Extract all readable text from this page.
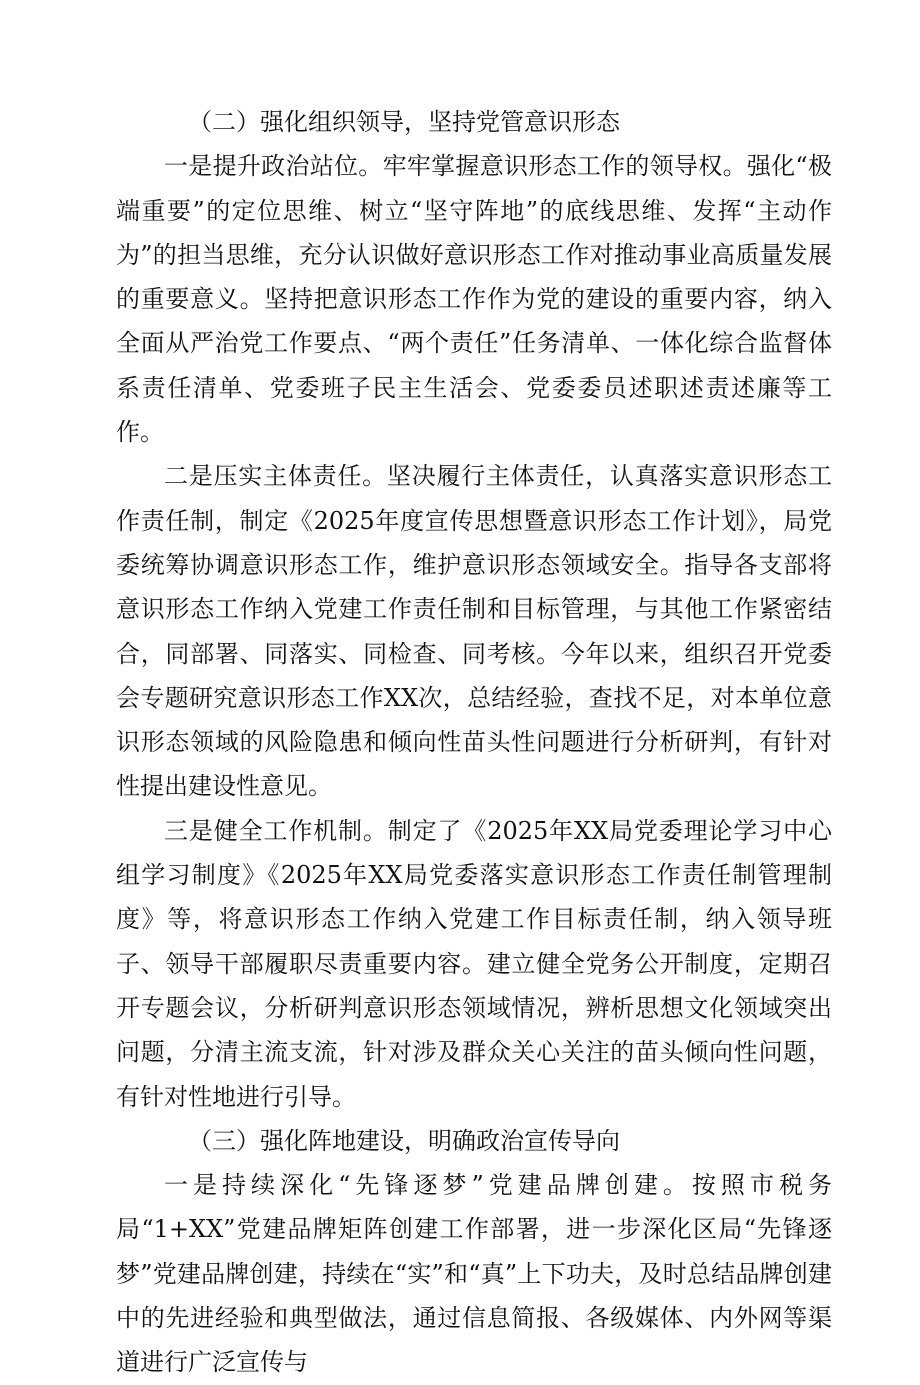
（二）强化组织领导，坚持党管意识形态

一是提升政治站位。牢牢掌握意识形态工作的领导权。强化“极端重要”的定位思维、树立“坚守阵地”的底线思维、发挥“主动作为”的担当思维，充分认识做好意识形态工作对推动事业高质量发展的重要意义。坚持把意识形态工作作为党的建设的重要内容，纳入全面从严治党工作要点、“两个责任”任务清单、一体化综合监督体系责任清单、党委班子民主生活会、党委委员述职述责述廉等工作。

二是压实主体责任。坚决履行主体责任，认真落实意识形态工作责任制，制定《2025年度宣传思想暨意识形态工作计划》，局党委统筹协调意识形态工作，维护意识形态领域安全。指导各支部将意识形态工作纳入党建工作责任制和目标管理，与其他工作紧密结合，同部署、同落实、同检查、同考核。今年以来，组织召开党委会专题研究意识形态工作XX次，总结经验，查找不足，对本单位意识形态领域的风险隐患和倾向性苗头性问题进行分析研判，有针对性提出建设性意见。

三是健全工作机制。制定了《2025年XX局党委理论学习中心组学习制度》《2025年XX局党委落实意识形态工作责任制管理制度》等，将意识形态工作纳入党建工作目标责任制，纳入领导班子、领导干部履职尽责重要内容。建立健全党务公开制度，定期召开专题会议，分析研判意识形态领域情况，辨析思想文化领域突出问题，分清主流支流，针对涉及群众关心关注的苗头倾向性问题，有针对性地进行引导。

（三）强化阵地建设，明确政治宣传导向

一是持续深化“先锋逐梦”党建品牌创建。按照市税务局“1+XX”党建品牌矩阵创建工作部署，进一步深化区局“先锋逐梦”党建品牌创建，持续在“实”和“真”上下功夫，及时总结品牌创建中的先进经验和典型做法，通过信息简报、各级媒体、内外网等渠道进行广泛宣传与
